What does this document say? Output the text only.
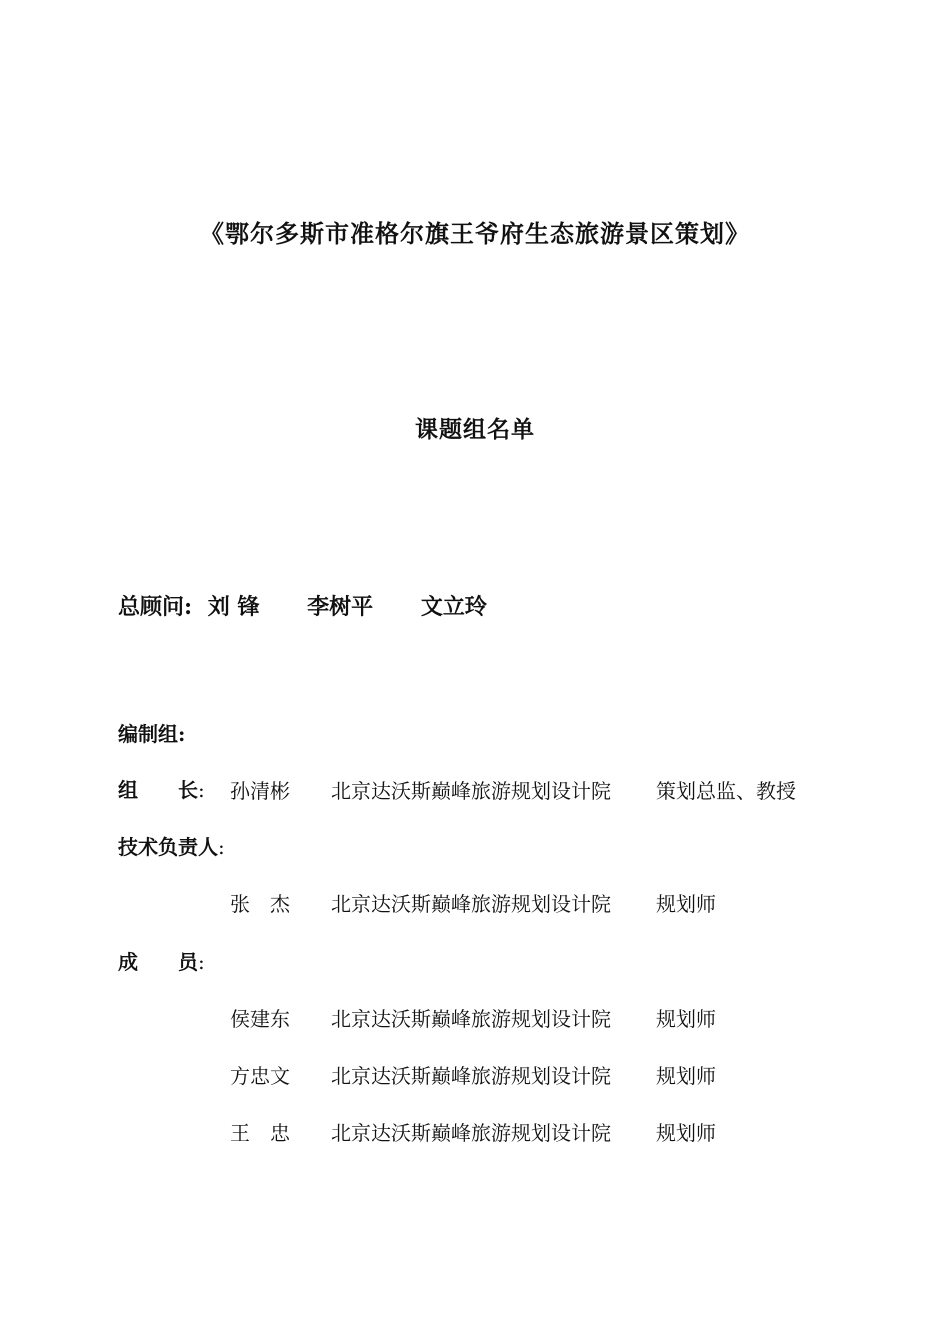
《鄂尔多斯市准格尔旗王爷府生态旅游景区策划》
课题组名单
总顾问: 刘 锋 李树平 文立玲
编制组:
组　　长: 孙清彬 北京达沃斯巅峰旅游规划设计院 策划总监、教授
技术负责人:
张　杰 北京达沃斯巅峰旅游规划设计院 规划师
成　　员:
侯建东 北京达沃斯巅峰旅游规划设计院 规划师
方忠文 北京达沃斯巅峰旅游规划设计院 规划师
王　忠 北京达沃斯巅峰旅游规划设计院 规划师
